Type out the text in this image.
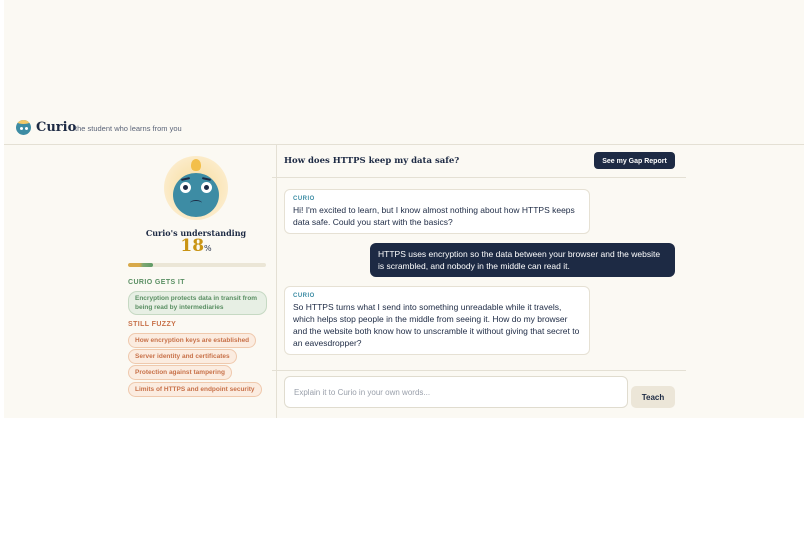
Curio
the student who learns from you
Curio's understanding
18%
CURIO GETS IT
Encryption protects data in transit from being read by intermediaries
STILL FUZZY
How encryption keys are established
Server identity and certificates
Protection against tampering
Limits of HTTPS and endpoint security
How does HTTPS keep my data safe?	See my Gap Report
CURIO
Hi! I'm excited to learn, but I know almost nothing about how HTTPS keeps data safe. Could you start with the basics?
HTTPS uses encryption so the data between your browser and the website is scrambled, and nobody in the middle can read it.
CURIO
So HTTPS turns what I send into something unreadable while it travels, which helps stop people in the middle from seeing it. How do my browser and the website both know how to unscramble it without giving that secret to an eavesdropper?
Explain it to Curio in your own words...
Teach
